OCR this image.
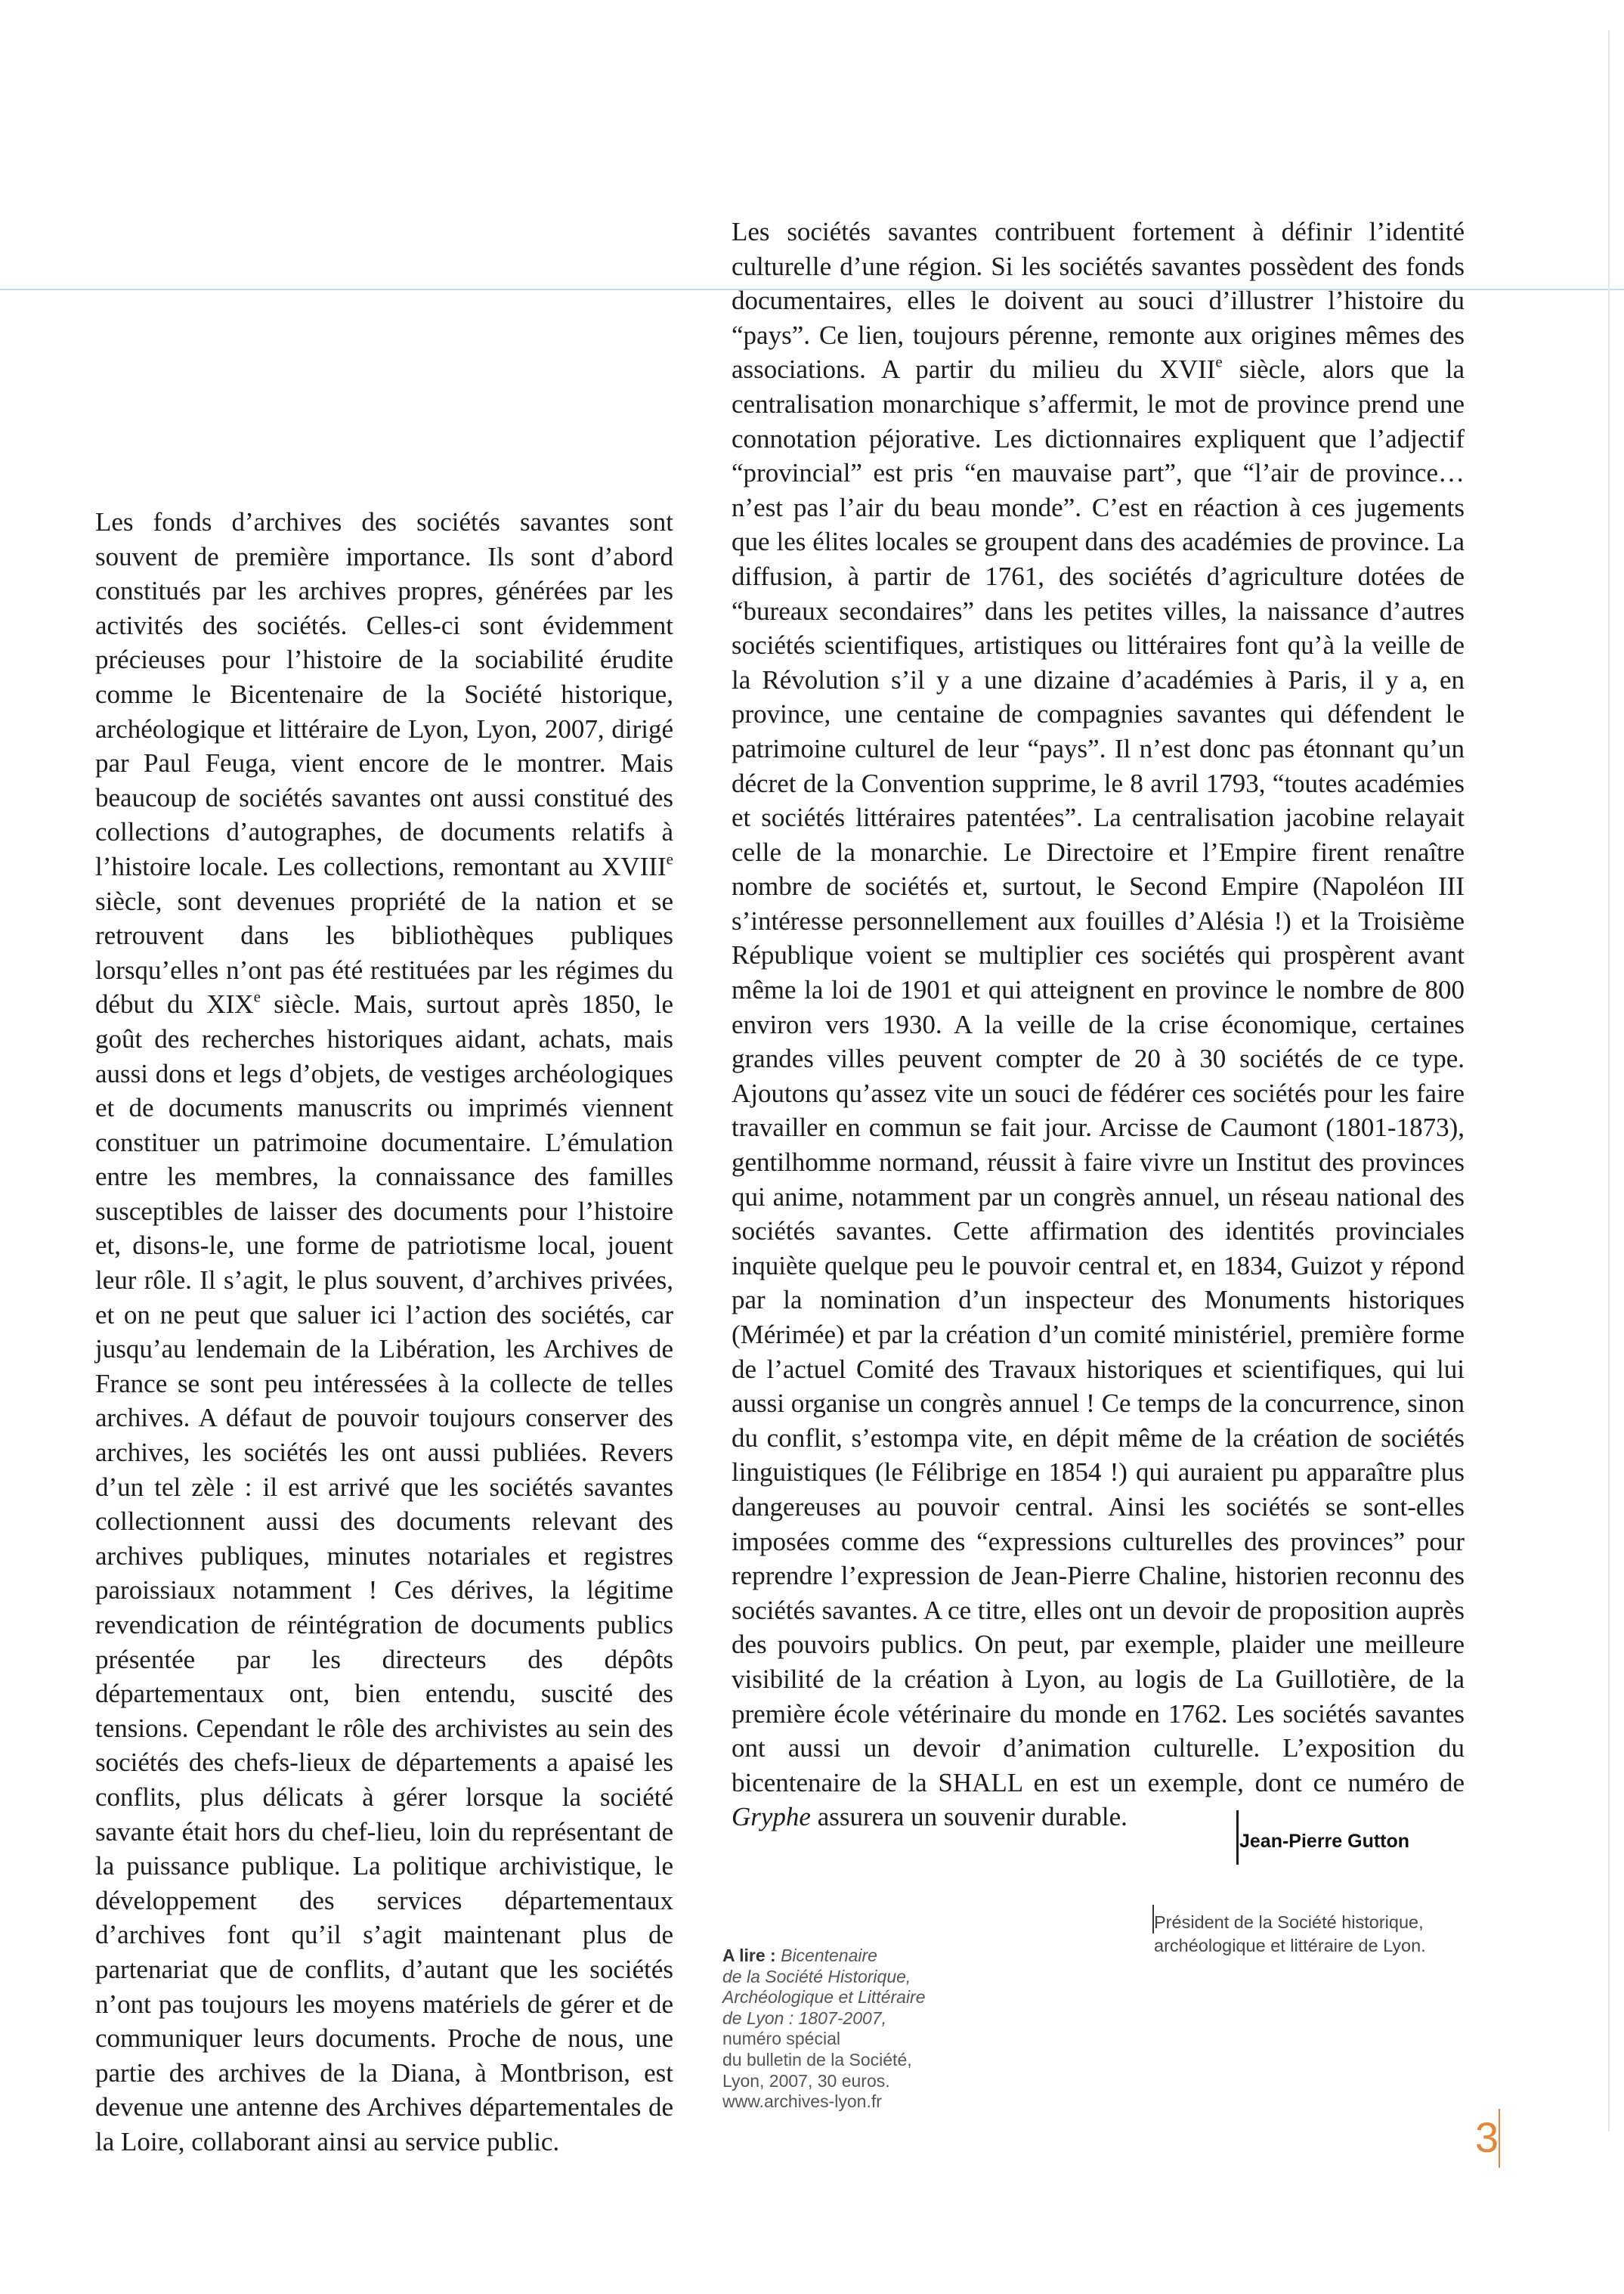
Les fonds d’archives des sociétés savantes sont souvent de première importance. Ils sont d’abord constitués par les archives propres, générées par les activités des sociétés. Celles-ci sont évidemment précieuses pour l’histoire de la sociabilité érudite comme le Bicentenaire de la Société historique, archéologique et littéraire de Lyon, Lyon, 2007, dirigé par Paul Feuga, vient encore de le montrer. Mais beaucoup de sociétés savantes ont aussi constitué des collections d’autographes, de documents relatifs à l’histoire locale. Les collections, remontant au XVIIIe siècle, sont devenues propriété de la nation et se retrouvent dans les bibliothèques publiques lorsqu’elles n’ont pas été restituées par les régimes du début du XIXe siècle. Mais, surtout après 1850, le goût des recherches historiques aidant, achats, mais aussi dons et legs d’objets, de vestiges archéologiques et de documents manuscrits ou imprimés viennent constituer un patrimoine documentaire. L’émulation entre les membres, la connaissance des familles susceptibles de laisser des documents pour l’histoire et, disons-le, une forme de patriotisme local, jouent leur rôle. Il s’agit, le plus souvent, d’archives privées, et on ne peut que saluer ici l’action des sociétés, car jusqu’au lendemain de la Libération, les Archives de France se sont peu intéressées à la collecte de telles archives. A défaut de pouvoir toujours conserver des archives, les sociétés les ont aussi publiées. Revers d’un tel zèle : il est arrivé que les sociétés savantes collectionnent aussi des documents relevant des archives publiques, minutes notariales et registres paroissiaux notamment ! Ces dérives, la légitime revendication de réintégration de documents publics présentée par les directeurs des dépôts départementaux ont, bien entendu, suscité des tensions. Cependant le rôle des archivistes au sein des sociétés des chefs-lieux de départements a apaisé les conflits, plus délicats à gérer lorsque la société savante était hors du chef-lieu, loin du représentant de la puissance publique. La politique archivistique, le développement des services départementaux d’archives font qu’il s’agit maintenant plus de partenariat que de conflits, d’autant que les sociétés n’ont pas toujours les moyens matériels de gérer et de communiquer leurs documents. Proche de nous, une partie des archives de la Diana, à Montbrison, est devenue une antenne des Archives départementales de la Loire, collaborant ainsi au service public.

Les sociétés savantes contribuent fortement à définir l’identité culturelle d’une région. Si les sociétés savantes possèdent des fonds documentaires, elles le doivent au souci d’illustrer l’histoire du “pays”. Ce lien, toujours pérenne, remonte aux origines mêmes des associations. A partir du milieu du XVIIe siècle, alors que la centralisation monarchique s’affermit, le mot de province prend une connotation péjorative. Les dictionnaires expliquent que l’adjectif “provincial” est pris “en mauvaise part”, que “l’air de province… n’est pas l’air du beau monde”. C’est en réaction à ces jugements que les élites locales se groupent dans des académies de province. La diffusion, à partir de 1761, des sociétés d’agriculture dotées de “bureaux secondaires” dans les petites villes, la naissance d’autres sociétés scientifiques, artistiques ou littéraires font qu’à la veille de la Révolution s’il y a une dizaine d’académies à Paris, il y a, en province, une centaine de compagnies savantes qui défendent le patrimoine culturel de leur “pays”. Il n’est donc pas étonnant qu’un décret de la Convention supprime, le 8 avril 1793, “toutes académies et sociétés littéraires patentées”. La centralisation jacobine relayait celle de la monarchie. Le Directoire et l’Empire firent renaître nombre de sociétés et, surtout, le Second Empire (Napoléon III s’intéresse personnellement aux fouilles d’Alésia !) et la Troisième République voient se multiplier ces sociétés qui prospèrent avant même la loi de 1901 et qui atteignent en province le nombre de 800 environ vers 1930. A la veille de la crise économique, certaines grandes villes peuvent compter de 20 à 30 sociétés de ce type. Ajoutons qu’assez vite un souci de fédérer ces sociétés pour les faire travailler en commun se fait jour. Arcisse de Caumont (1801-1873), gentilhomme normand, réussit à faire vivre un Institut des provinces qui anime, notamment par un congrès annuel, un réseau national des sociétés savantes. Cette affirmation des identités provinciales inquiète quelque peu le pouvoir central et, en 1834, Guizot y répond par la nomination d’un inspecteur des Monuments historiques (Mérimée) et par la création d’un comité ministériel, première forme de l’actuel Comité des Travaux historiques et scientifiques, qui lui aussi organise un congrès annuel ! Ce temps de la concurrence, sinon du conflit, s’estompa vite, en dépit même de la création de sociétés linguistiques (le Félibrige en 1854 !) qui auraient pu apparaître plus dangereuses au pouvoir central. Ainsi les sociétés se sont-elles imposées comme des “expressions culturelles des provinces” pour reprendre l’expression de Jean-Pierre Chaline, historien reconnu des sociétés savantes. A ce titre, elles ont un devoir de proposition auprès des pouvoirs publics. On peut, par exemple, plaider une meilleure visibilité de la création à Lyon, au logis de La Guillotière, de la première école vétérinaire du monde en 1762. Les sociétés savantes ont aussi un devoir d’animation culturelle. L’exposition du bicentenaire de la SHALL en est un exemple, dont ce numéro de Gryphe assurera un souvenir durable.

Jean-Pierre Gutton
Président de la Société historique,
archéologique et littéraire de Lyon.
A lire : Bicentenaire
de la Société Historique,
Archéologique et Littéraire
de Lyon : 1807-2007,
numéro spécial
du bulletin de la Société,
Lyon, 2007, 30 euros.
www.archives-lyon.fr
3
